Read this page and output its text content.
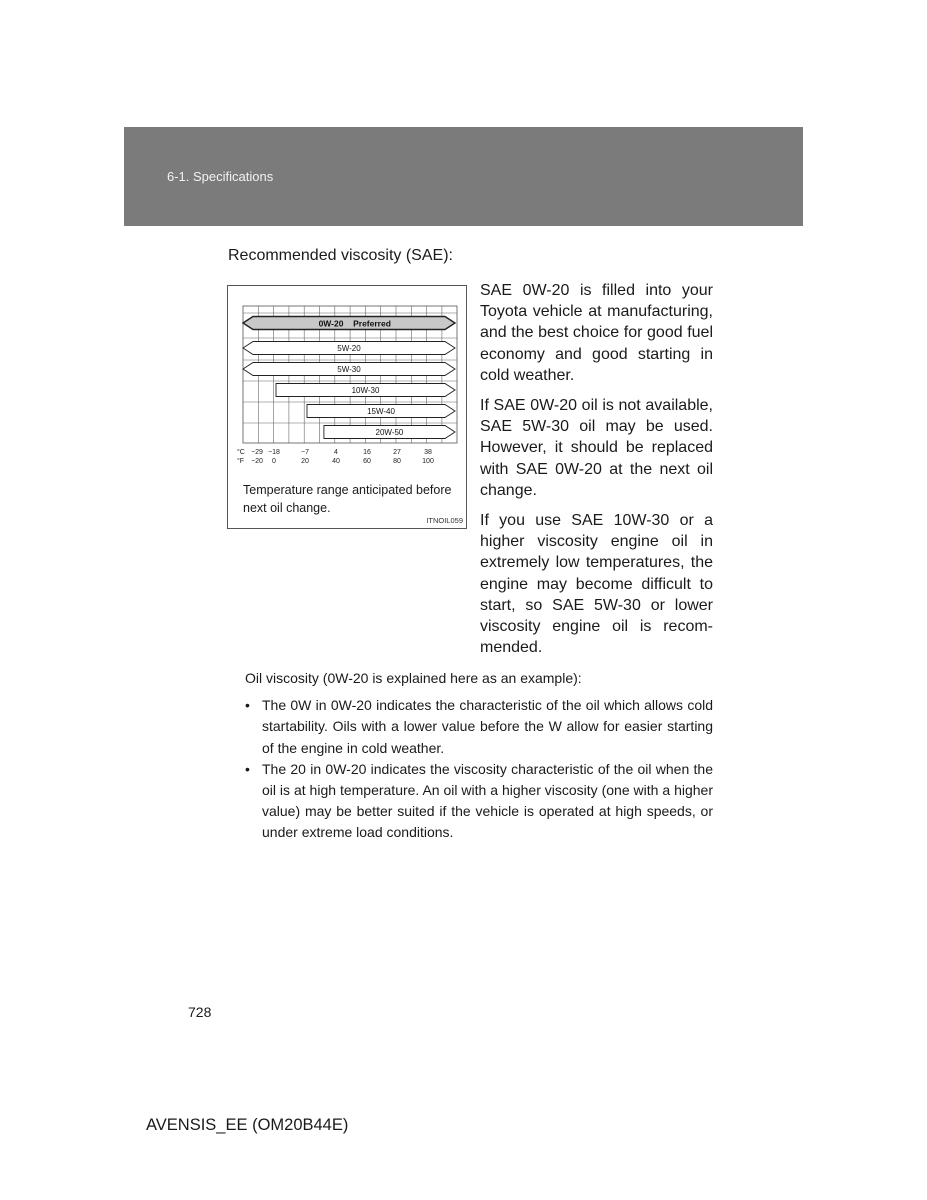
6-1. Specifications
Recommended viscosity (SAE):
0W-20 Preferred
5W-20
5W-30
10W-30
15W-40
20W-50
°C
°F
−29 −18	−7	4	16	27	38
−20 0	20	40	60	80	100
Temperature range anticipated before next oil change.
ITNOIL059

SAE 0W-20 is filled into your Toyota vehicle at manufacturing, and the best choice for good fuel economy and good starting in cold weather.

If SAE 0W-20 oil is not available, SAE 5W-30 oil may be used. However, it should be replaced with SAE 0W-20 at the next oil change.

If you use SAE 10W-30 or a higher viscosity engine oil in extremely low temperatures, the engine may become difficult to start, so SAE 5W-30 or lower viscosity engine oil is recommended.

Oil viscosity (0W-20 is explained here as an example):

• The 0W in 0W-20 indicates the characteristic of the oil which allows cold startability. Oils with a lower value before the W allow for easier starting of the engine in cold weather.
• The 20 in 0W-20 indicates the viscosity characteristic of the oil when the oil is at high temperature. An oil with a higher viscosity (one with a higher value) may be better suited if the vehicle is operated at high speeds, or under extreme load conditions.
728
AVENSIS_EE (OM20B44E)
